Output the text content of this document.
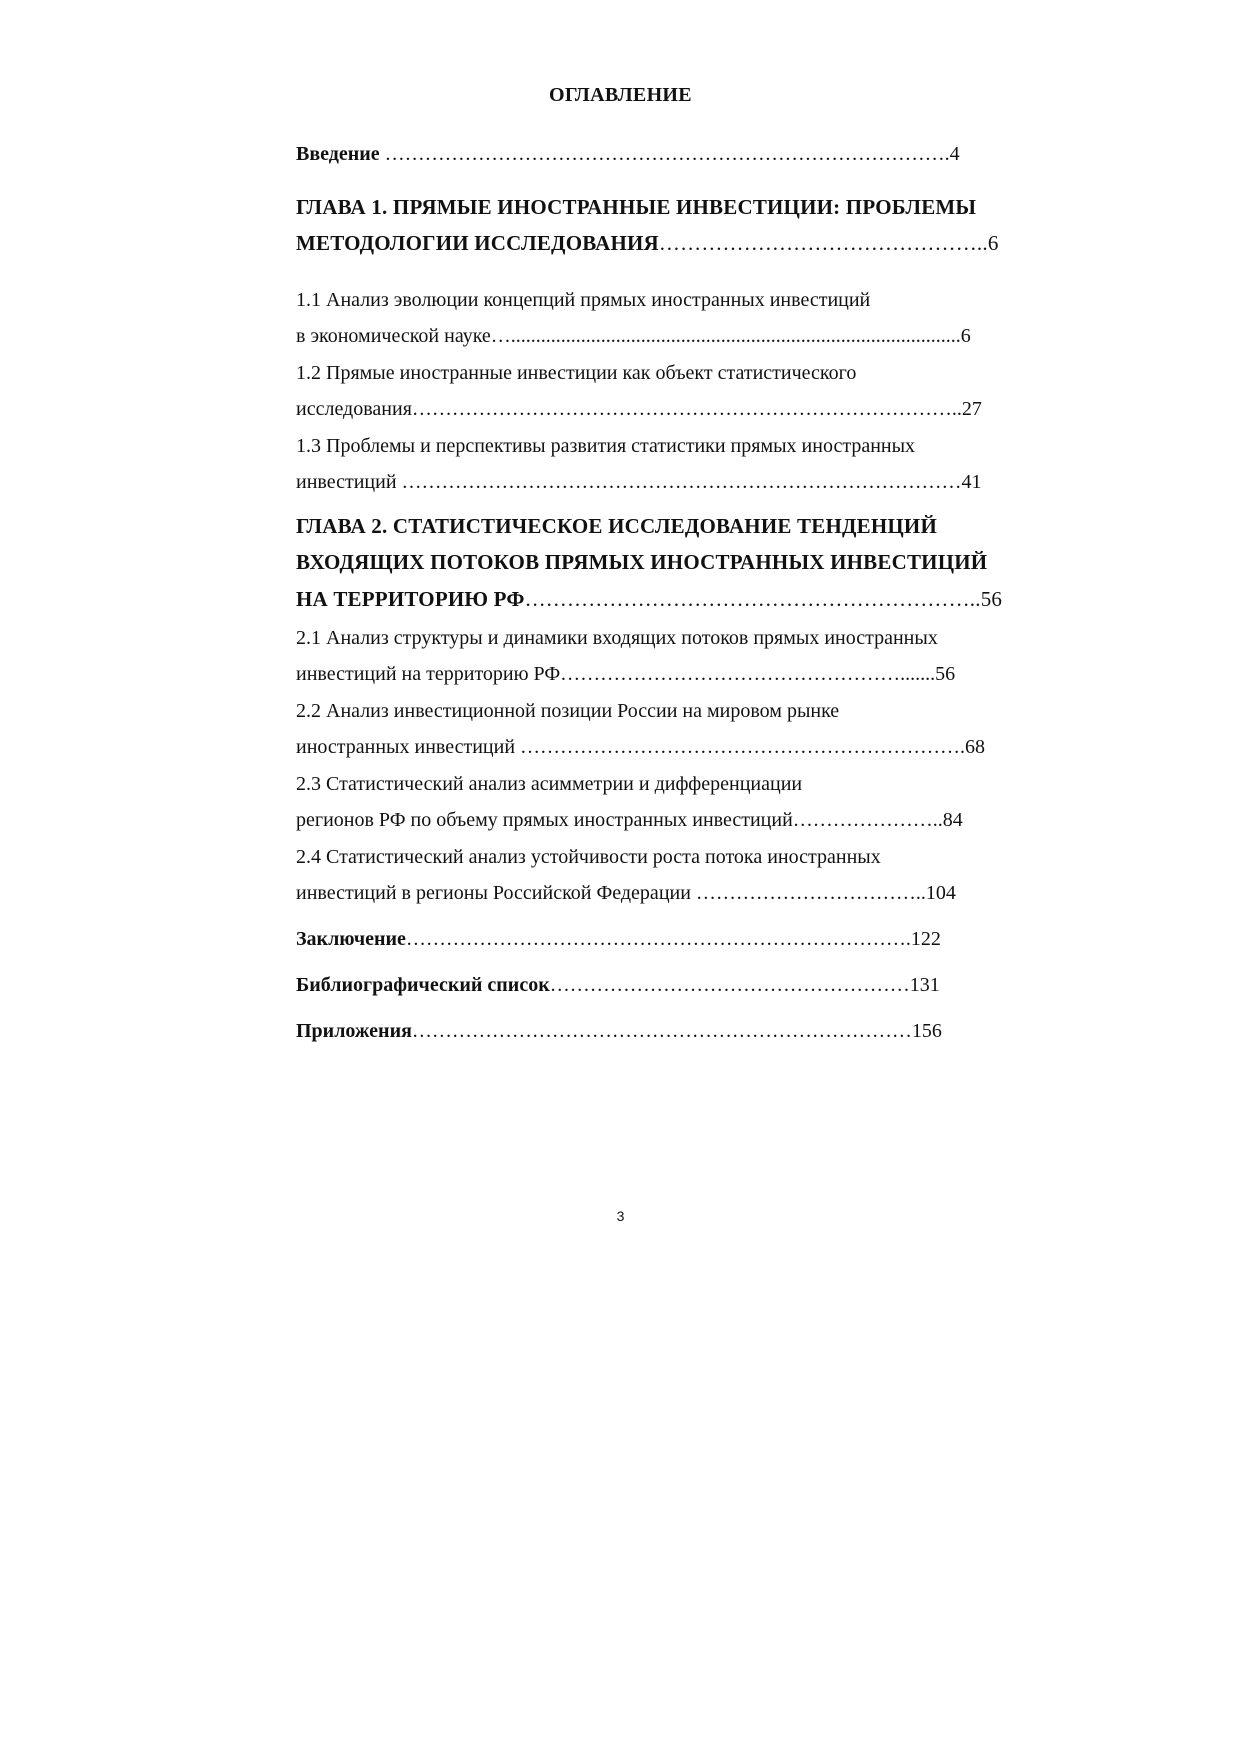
ОГЛАВЛЕНИЕ
Введение ………………………………………………………………………….4
ГЛАВА 1. ПРЯМЫЕ ИНОСТРАННЫЕ ИНВЕСТИЦИИ: ПРОБЛЕМЫ
МЕТОДОЛОГИИ ИССЛЕДОВАНИЯ………………………………………..6
1.1 Анализ эволюции концепций прямых иностранных инвестиций
в экономической науке…..........................................................................................6
1.2 Прямые иностранные инвестиции как объект статистического
исследования………………………………………………………………………..27
1.3 Проблемы и перспективы развития статистики прямых иностранных
инвестиций …………………………………………………………………………41
ГЛАВА 2. СТАТИСТИЧЕСКОЕ ИССЛЕДОВАНИЕ ТЕНДЕНЦИЙ
ВХОДЯЩИХ ПОТОКОВ ПРЯМЫХ ИНОСТРАННЫХ ИНВЕСТИЦИЙ
НА ТЕРРИТОРИЮ РФ………………………………………………………..56
2.1 Анализ структуры и динамики входящих потоков прямых иностранных
инвестиций на территорию РФ…………………………………………….......56
2.2 Анализ инвестиционной позиции России на мировом рынке
иностранных инвестиций ………………………………………………………….68
2.3 Статистический анализ асимметрии и дифференциации
регионов РФ по объему прямых иностранных инвестиций…………………..84
2.4 Статистический анализ устойчивости роста потока иностранных
инвестиций в регионы Российской Федерации ……………………………..104
Заключение………………………………………………………………….122
Библиографический список………………………………………………131
Приложения…………………………………………………………………156
3
